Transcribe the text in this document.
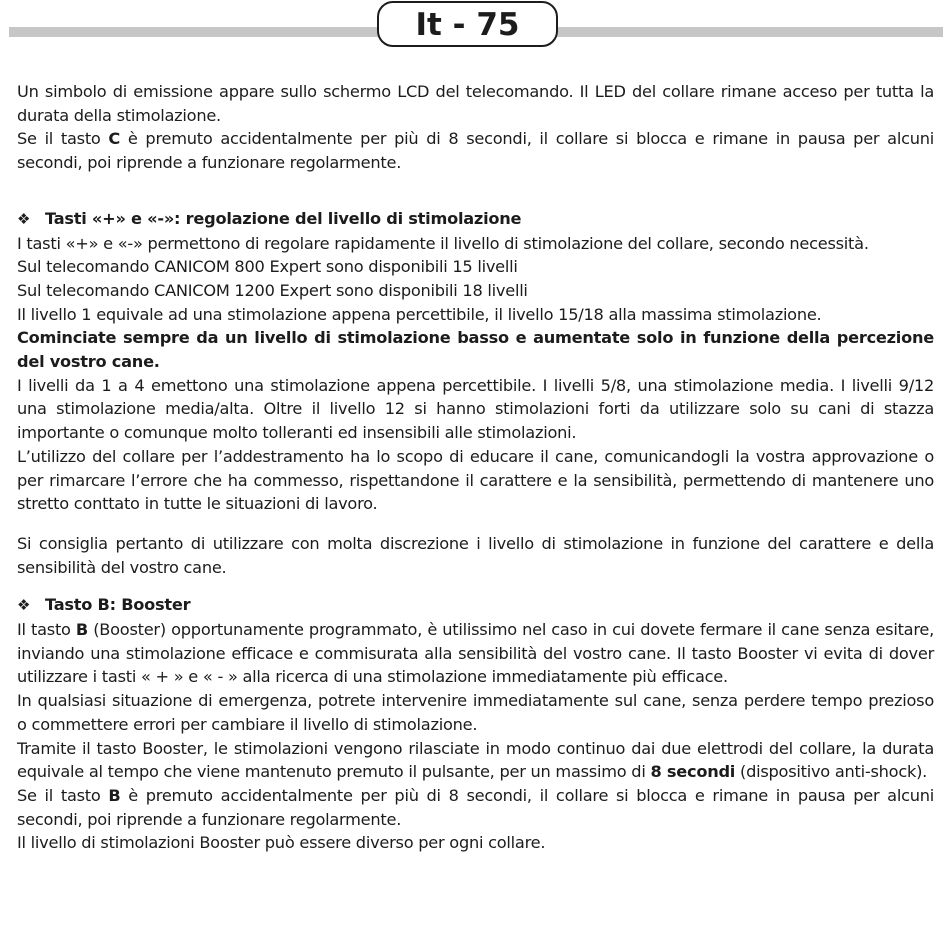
It - 75

Un simbolo di emissione appare sullo schermo LCD del telecomando. Il LED del collare rimane acceso per tutta la durata della stimolazione.

Se il tasto C è premuto accidentalmente per più di 8 secondi, il collare si blocca e rimane in pausa per alcuni secondi, poi riprende a funzionare regolarmente.

❖ Tasti «+» e «-»: regolazione del livello di stimolazione

I tasti «+» e «-» permettono di regolare rapidamente il livello di stimolazione del collare, secondo necessità.

Sul telecomando CANICOM 800 Expert sono disponibili 15 livelli

Sul telecomando CANICOM 1200 Expert sono disponibili 18 livelli

Il livello 1 equivale ad una stimolazione appena percettibile, il livello 15/18 alla massima stimolazione.

Cominciate sempre da un livello di stimolazione basso e aumentate solo in funzione della percezione del vostro cane.

I livelli da 1 a 4 emettono una stimolazione appena percettibile. I livelli 5/8, una stimolazione media. I livelli 9/12 una stimolazione media/alta. Oltre il livello 12 si hanno stimolazioni forti da utilizzare solo su cani di stazza importante o comunque molto tolleranti ed insensibili alle stimolazioni.

L’utilizzo del collare per l’addestramento ha lo scopo di educare il cane, comunicandogli la vostra approvazione o per rimarcare l’errore che ha commesso, rispettandone il carattere e la sensibilità, permettendo di mantenere uno stretto conttato in tutte le situazioni di lavoro.

Si consiglia pertanto di utilizzare con molta discrezione i livello di stimolazione in funzione del carattere e della sensibilità del vostro cane.

❖ Tasto B: Booster

Il tasto B (Booster) opportunamente programmato, è utilissimo nel caso in cui dovete fermare il cane senza esitare, inviando una stimolazione efficace e commisurata alla sensibilità del vostro cane. Il tasto Booster vi evita di dover utilizzare i tasti « + » e « - » alla ricerca di una stimolazione immediatamente più efficace.

In qualsiasi situazione di emergenza, potrete intervenire immediatamente sul cane, senza perdere tempo prezioso o commettere errori per cambiare il livello di stimolazione.

Tramite il tasto Booster, le stimolazioni vengono rilasciate in modo continuo dai due elettrodi del collare, la durata equivale al tempo che viene mantenuto premuto il pulsante, per un massimo di 8 secondi (dispositivo anti-shock).

Se il tasto B è premuto accidentalmente per più di 8 secondi, il collare si blocca e rimane in pausa per alcuni secondi, poi riprende a funzionare regolarmente.

Il livello di stimolazioni Booster può essere diverso per ogni collare.
